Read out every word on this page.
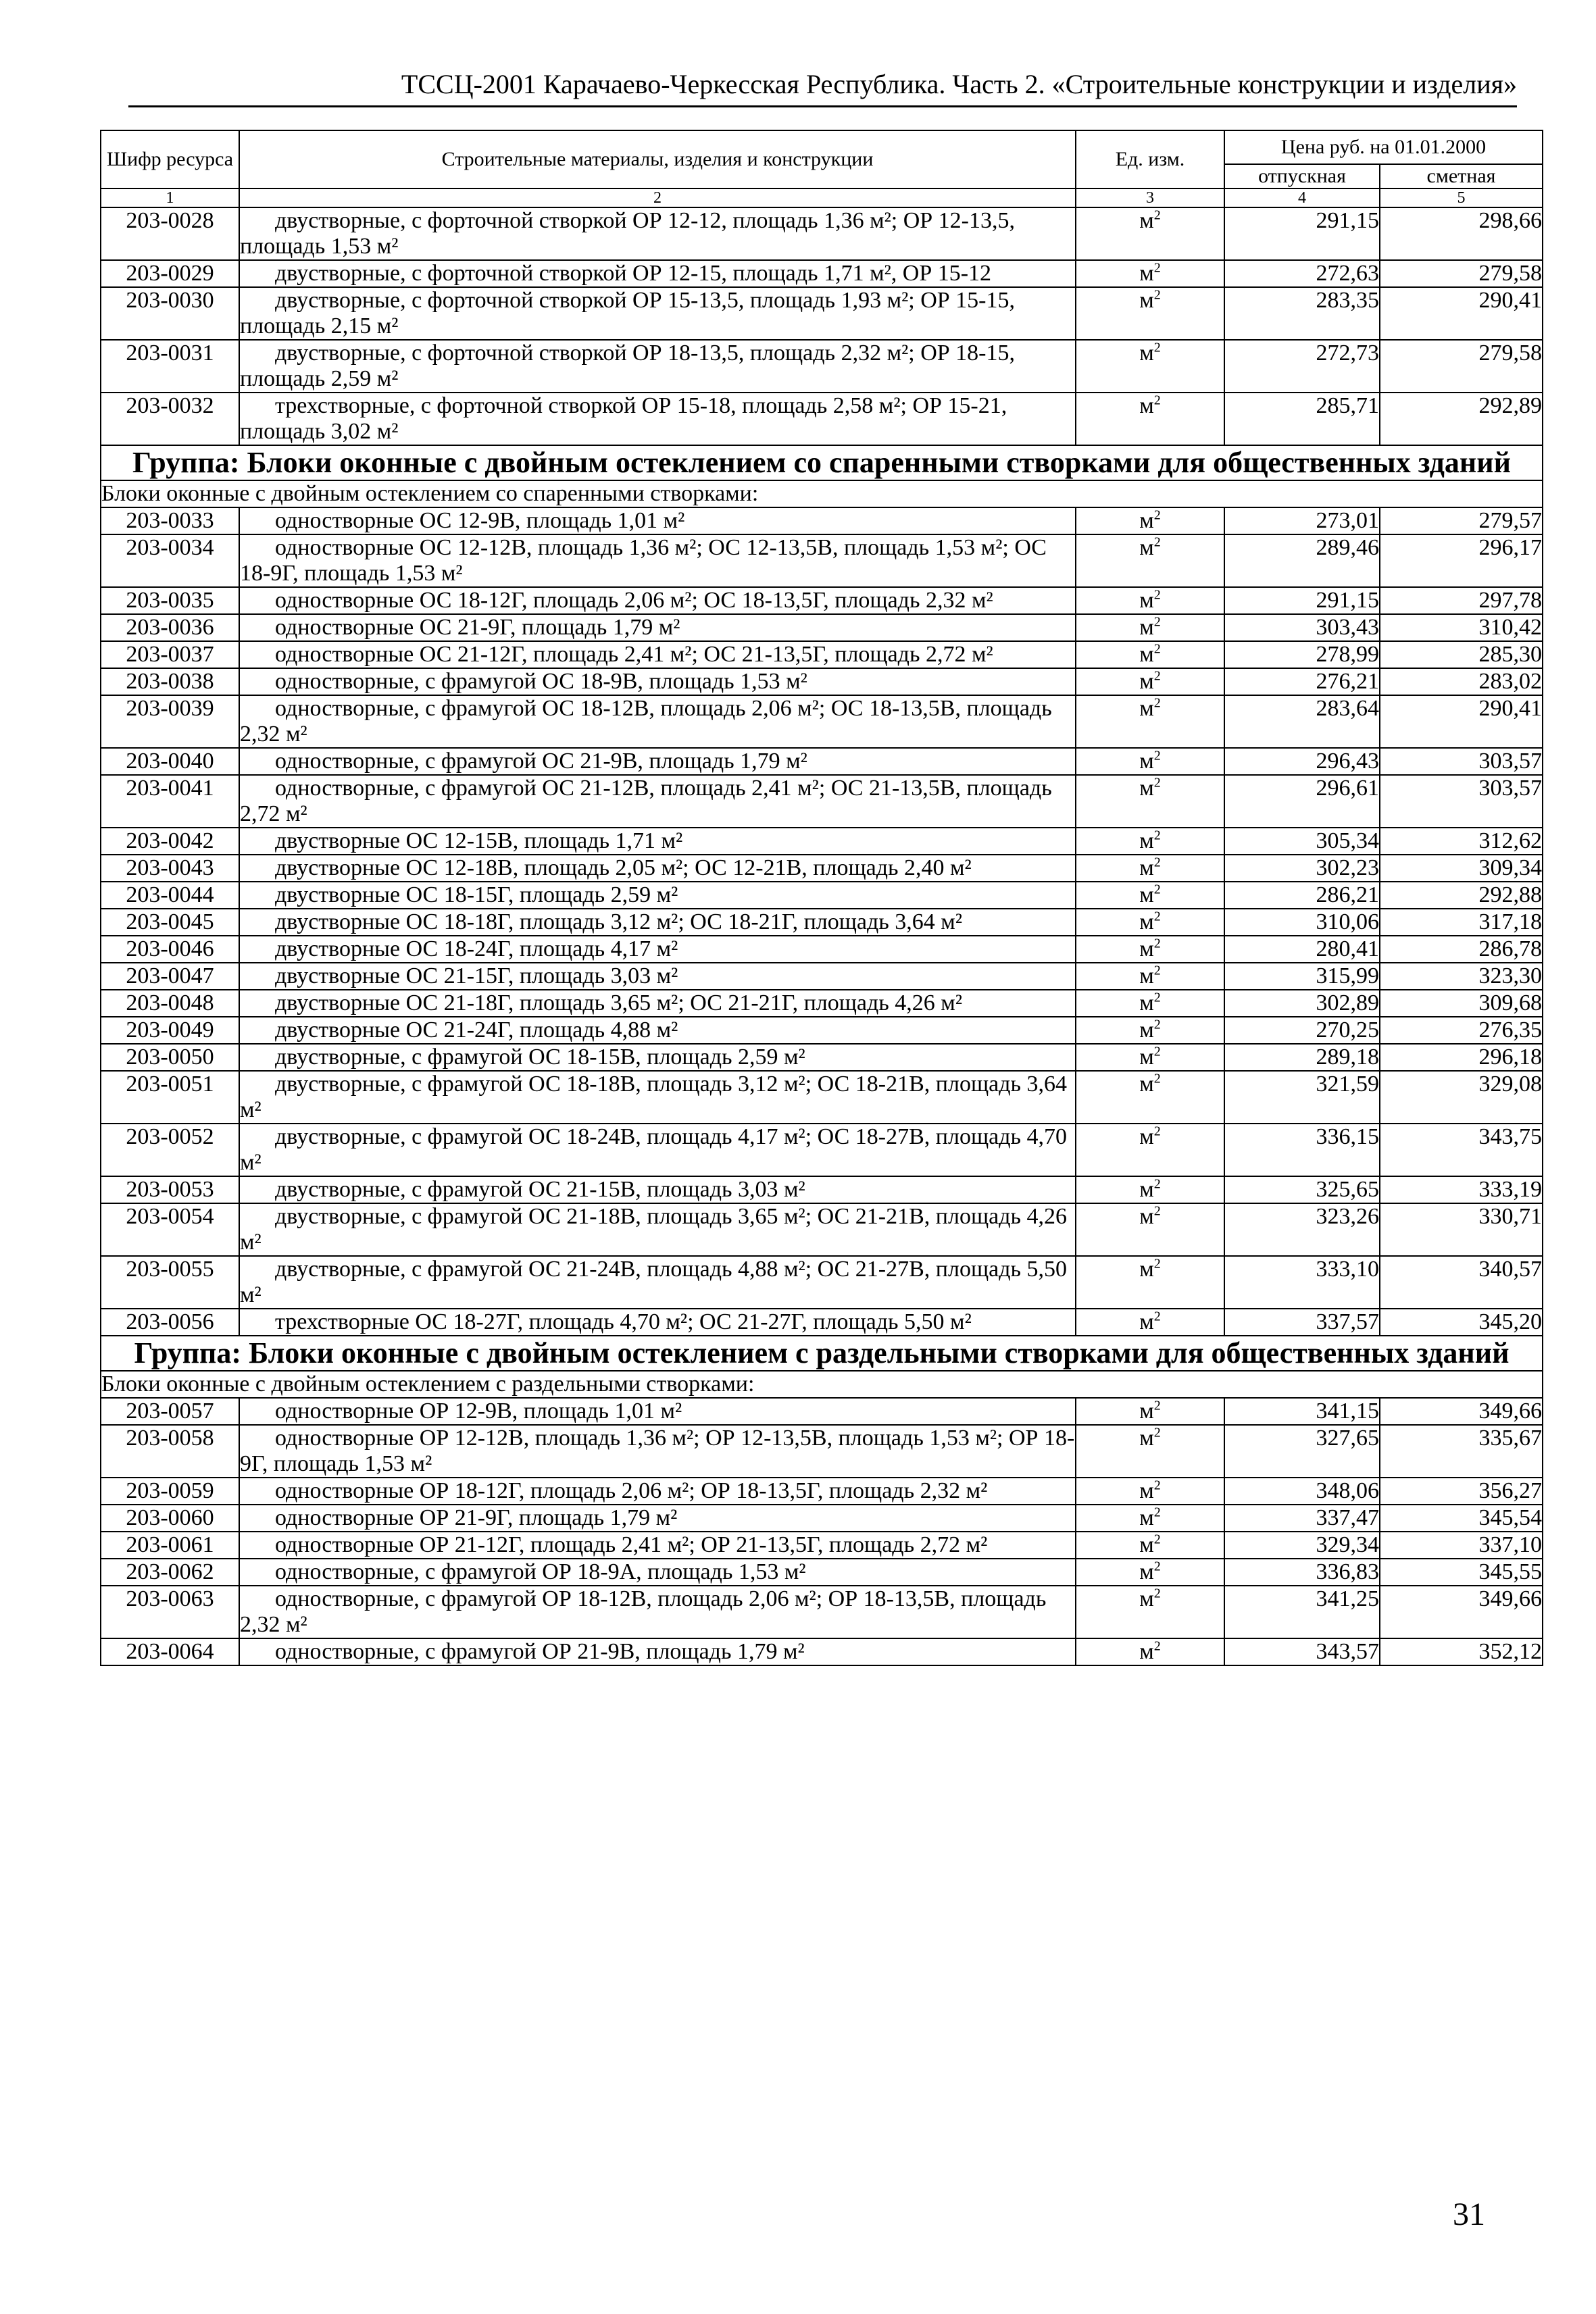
ТССЦ-2001 Карачаево-Черкесская Республика. Часть 2. «Строительные конструкции и изделия»
Шифр ресурса	Строительные материалы, изделия и конструкции	Ед. изм.	Цена руб. на 01.01.2000	
			отпускная	сметная
1	2	3	4	5
203-0028	двустворные, с форточной створкой ОР 12-12, площадь 1,36 м²; ОР 12-13,5, площадь 1,53 м²	$м^2$	291,15	298,66
203-0029	двустворные, с форточной створкой ОР 12-15, площадь 1,71 м², ОР 15-12	$м^2$	272,63	279,58
203-0030	двустворные, с форточной створкой ОР 15-13,5, площадь 1,93 м²; ОР 15-15, площадь 2,15 м²	$м^2$	283,35	290,41
203-0031	двустворные, с форточной створкой ОР 18-13,5, площадь 2,32 м²; ОР 18-15, площадь 2,59 м²	$м^2$	272,73	279,58
203-0032	трехстворные, с форточной створкой ОР 15-18, площадь 2,58 м²; ОР 15-21, площадь 3,02 м²	$м^2$	285,71	292,89
Группа: Блоки оконные с двойным остеклением со спаренными створками для общественных зданий				
Блоки оконные с двойным остеклением со спаренными створками:				
203-0033	одностворные ОС 12-9В, площадь 1,01 м²	$м^2$	273,01	279,57
203-0034	одностворные ОС 12-12В, площадь 1,36 м²; ОС 12-13,5В, площадь 1,53 м²; ОС 18-9Г, площадь 1,53 м²	$м^2$	289,46	296,17
203-0035	одностворные ОС 18-12Г, площадь 2,06 м²; ОС 18-13,5Г, площадь 2,32 м²	$м^2$	291,15	297,78
203-0036	одностворные ОС 21-9Г, площадь 1,79 м²	$м^2$	303,43	310,42
203-0037	одностворные ОС 21-12Г, площадь 2,41 м²; ОС 21-13,5Г, площадь 2,72 м²	$м^2$	278,99	285,30
203-0038	одностворные, с фрамугой ОС 18-9В, площадь 1,53 м²	$м^2$	276,21	283,02
203-0039	одностворные, с фрамугой ОС 18-12В, площадь 2,06 м²; ОС 18-13,5В, площадь 2,32 м²	$м^2$	283,64	290,41
203-0040	одностворные, с фрамугой ОС 21-9В, площадь 1,79 м²	$м^2$	296,43	303,57
203-0041	одностворные, с фрамугой ОС 21-12В, площадь 2,41 м²; ОС 21-13,5В, площадь 2,72 м²	$м^2$	296,61	303,57
203-0042	двустворные ОС 12-15В, площадь 1,71 м²	$м^2$	305,34	312,62
203-0043	двустворные ОС 12-18В, площадь 2,05 м²; ОС 12-21В, площадь 2,40 м²	$м^2$	302,23	309,34
203-0044	двустворные ОС 18-15Г, площадь 2,59 м²	$м^2$	286,21	292,88
203-0045	двустворные ОС 18-18Г, площадь 3,12 м²; ОС 18-21Г, площадь 3,64 м²	$м^2$	310,06	317,18
203-0046	двустворные ОС 18-24Г, площадь 4,17 м²	$м^2$	280,41	286,78
203-0047	двустворные ОС 21-15Г, площадь 3,03 м²	$м^2$	315,99	323,30
203-0048	двустворные ОС 21-18Г, площадь 3,65 м²; ОС 21-21Г, площадь 4,26 м²	$м^2$	302,89	309,68
203-0049	двустворные ОС 21-24Г, площадь 4,88 м²	$м^2$	270,25	276,35
203-0050	двустворные, с фрамугой ОС 18-15В, площадь 2,59 м²	$м^2$	289,18	296,18
203-0051	двустворные, с фрамугой ОС 18-18В, площадь 3,12 м²; ОС 18-21В, площадь 3,64 м²	$м^2$	321,59	329,08
203-0052	двустворные, с фрамугой ОС 18-24В, площадь 4,17 м²; ОС 18-27В, площадь 4,70 м²	$м^2$	336,15	343,75
203-0053	двустворные, с фрамугой ОС 21-15В, площадь 3,03 м²	$м^2$	325,65	333,19
203-0054	двустворные, с фрамугой ОС 21-18В, площадь 3,65 м²; ОС 21-21В, площадь 4,26 м²	$м^2$	323,26	330,71
203-0055	двустворные, с фрамугой ОС 21-24В, площадь 4,88 м²; ОС 21-27В, площадь 5,50 м²	$м^2$	333,10	340,57
203-0056	трехстворные ОС 18-27Г, площадь 4,70 м²; ОС 21-27Г, площадь 5,50 м²	$м^2$	337,57	345,20
Группа: Блоки оконные с двойным остеклением с раздельными створками для общественных зданий				
Блоки оконные с двойным остеклением с раздельными створками:				
203-0057	одностворные ОР 12-9В, площадь 1,01 м²	$м^2$	341,15	349,66
203-0058	одностворные ОР 12-12В, площадь 1,36 м²; ОР 12-13,5В, площадь 1,53 м²; ОР 18-9Г, площадь 1,53 м²	$м^2$	327,65	335,67
203-0059	одностворные ОР 18-12Г, площадь 2,06 м²; ОР 18-13,5Г, площадь 2,32 м²	$м^2$	348,06	356,27
203-0060	одностворные ОР 21-9Г, площадь 1,79 м²	$м^2$	337,47	345,54
203-0061	одностворные ОР 21-12Г, площадь 2,41 м²; ОР 21-13,5Г, площадь 2,72 м²	$м^2$	329,34	337,10
203-0062	одностворные, с фрамугой ОР 18-9А, площадь 1,53 м²	$м^2$	336,83	345,55
203-0063	одностворные, с фрамугой ОР 18-12В, площадь 2,06 м²; ОР 18-13,5В, площадь 2,32 м²	$м^2$	341,25	349,66
203-0064	одностворные, с фрамугой ОР 21-9В, площадь 1,79 м²	$м^2$	343,57	352,12
31
